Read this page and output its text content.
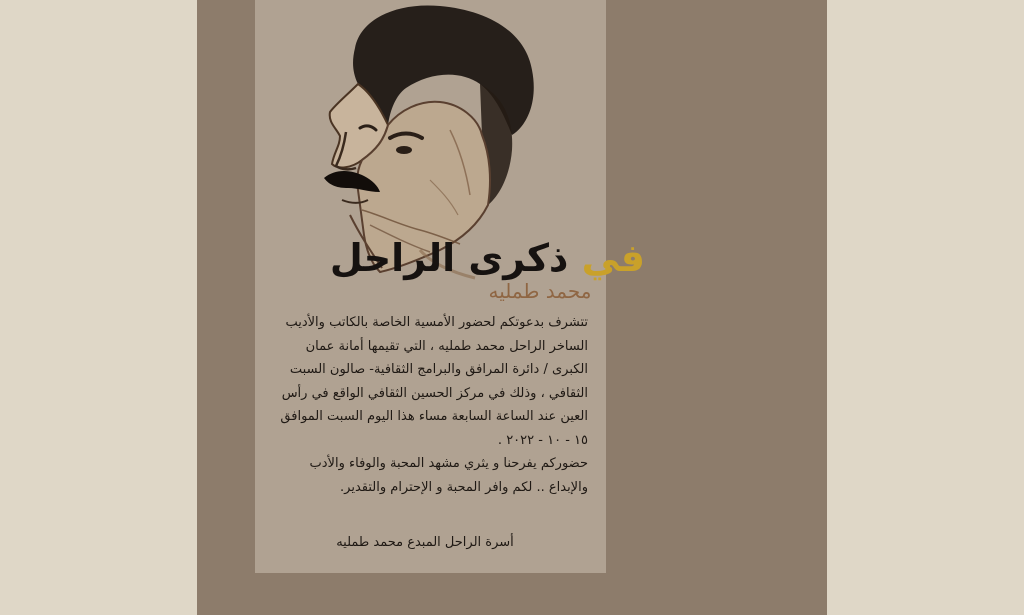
في ذكرى الراحل
محمد طمليه

تتشرف بدعوتكم لحضور الأمسية الخاصة بالكاتب والأديب الساخر الراحل محمد طمليه ، التي تقيمها أمانة عمان الكبرى / دائرة المرافق والبرامج الثقافية- صالون السبت الثقافي ، وذلك في مركز الحسين الثقافي الواقع في رأس العين عند الساعة السابعة مساء هذا اليوم السبت الموافق ١٥ - ١٠ - ٢٠٢٢ .

حضوركم يفرحنا و يثري مشهد المحبة والوفاء والأدب والإبداع .. لكم وافر المحبة و الإحترام والتقدير.

أسرة الراحل المبدع محمد طمليه
